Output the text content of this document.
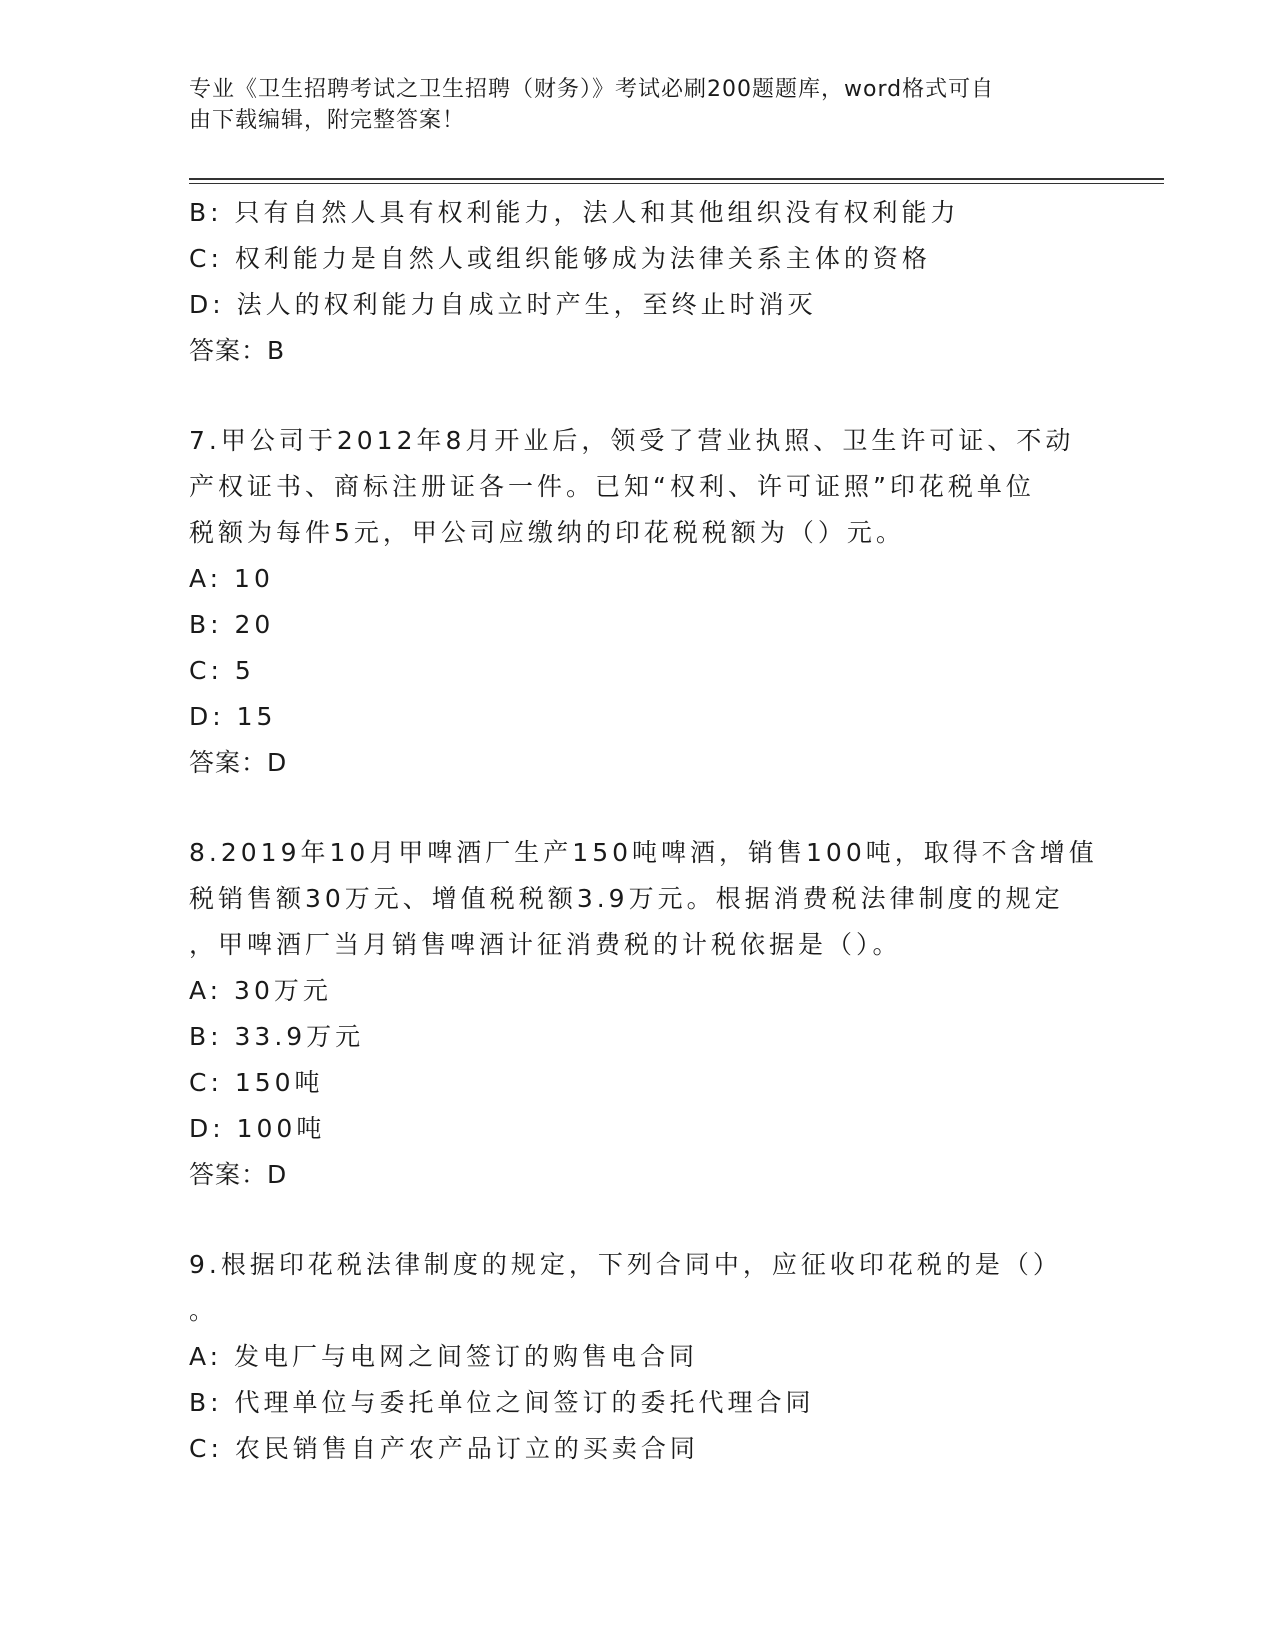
专业《卫生招聘考试之卫生招聘（财务）》考试必刷200题题库，word格式可自
由下载编辑，附完整答案！
B: 只有自然人具有权利能力，法人和其他组织没有权利能力
C: 权利能力是自然人或组织能够成为法律关系主体的资格
D: 法人的权利能力自成立时产生，至终止时消灭
答案：B
7.甲公司于2012年8月开业后，领受了营业执照、卫生许可证、不动
产权证书、商标注册证各一件。已知“权利、许可证照”印花税单位
税额为每件5元，甲公司应缴纳的印花税税额为（）元。
A: 10
B: 20
C: 5
D: 15
答案：D
8.2019年10月甲啤酒厂生产150吨啤酒，销售100吨，取得不含增值
税销售额30万元、增值税税额3.9万元。根据消费税法律制度的规定
，甲啤酒厂当月销售啤酒计征消费税的计税依据是（）。
A: 30万元
B: 33.9万元
C: 150吨
D: 100吨
答案：D
9.根据印花税法律制度的规定，下列合同中，应征收印花税的是（）
。
A: 发电厂与电网之间签订的购售电合同
B: 代理单位与委托单位之间签订的委托代理合同
C: 农民销售自产农产品订立的买卖合同
